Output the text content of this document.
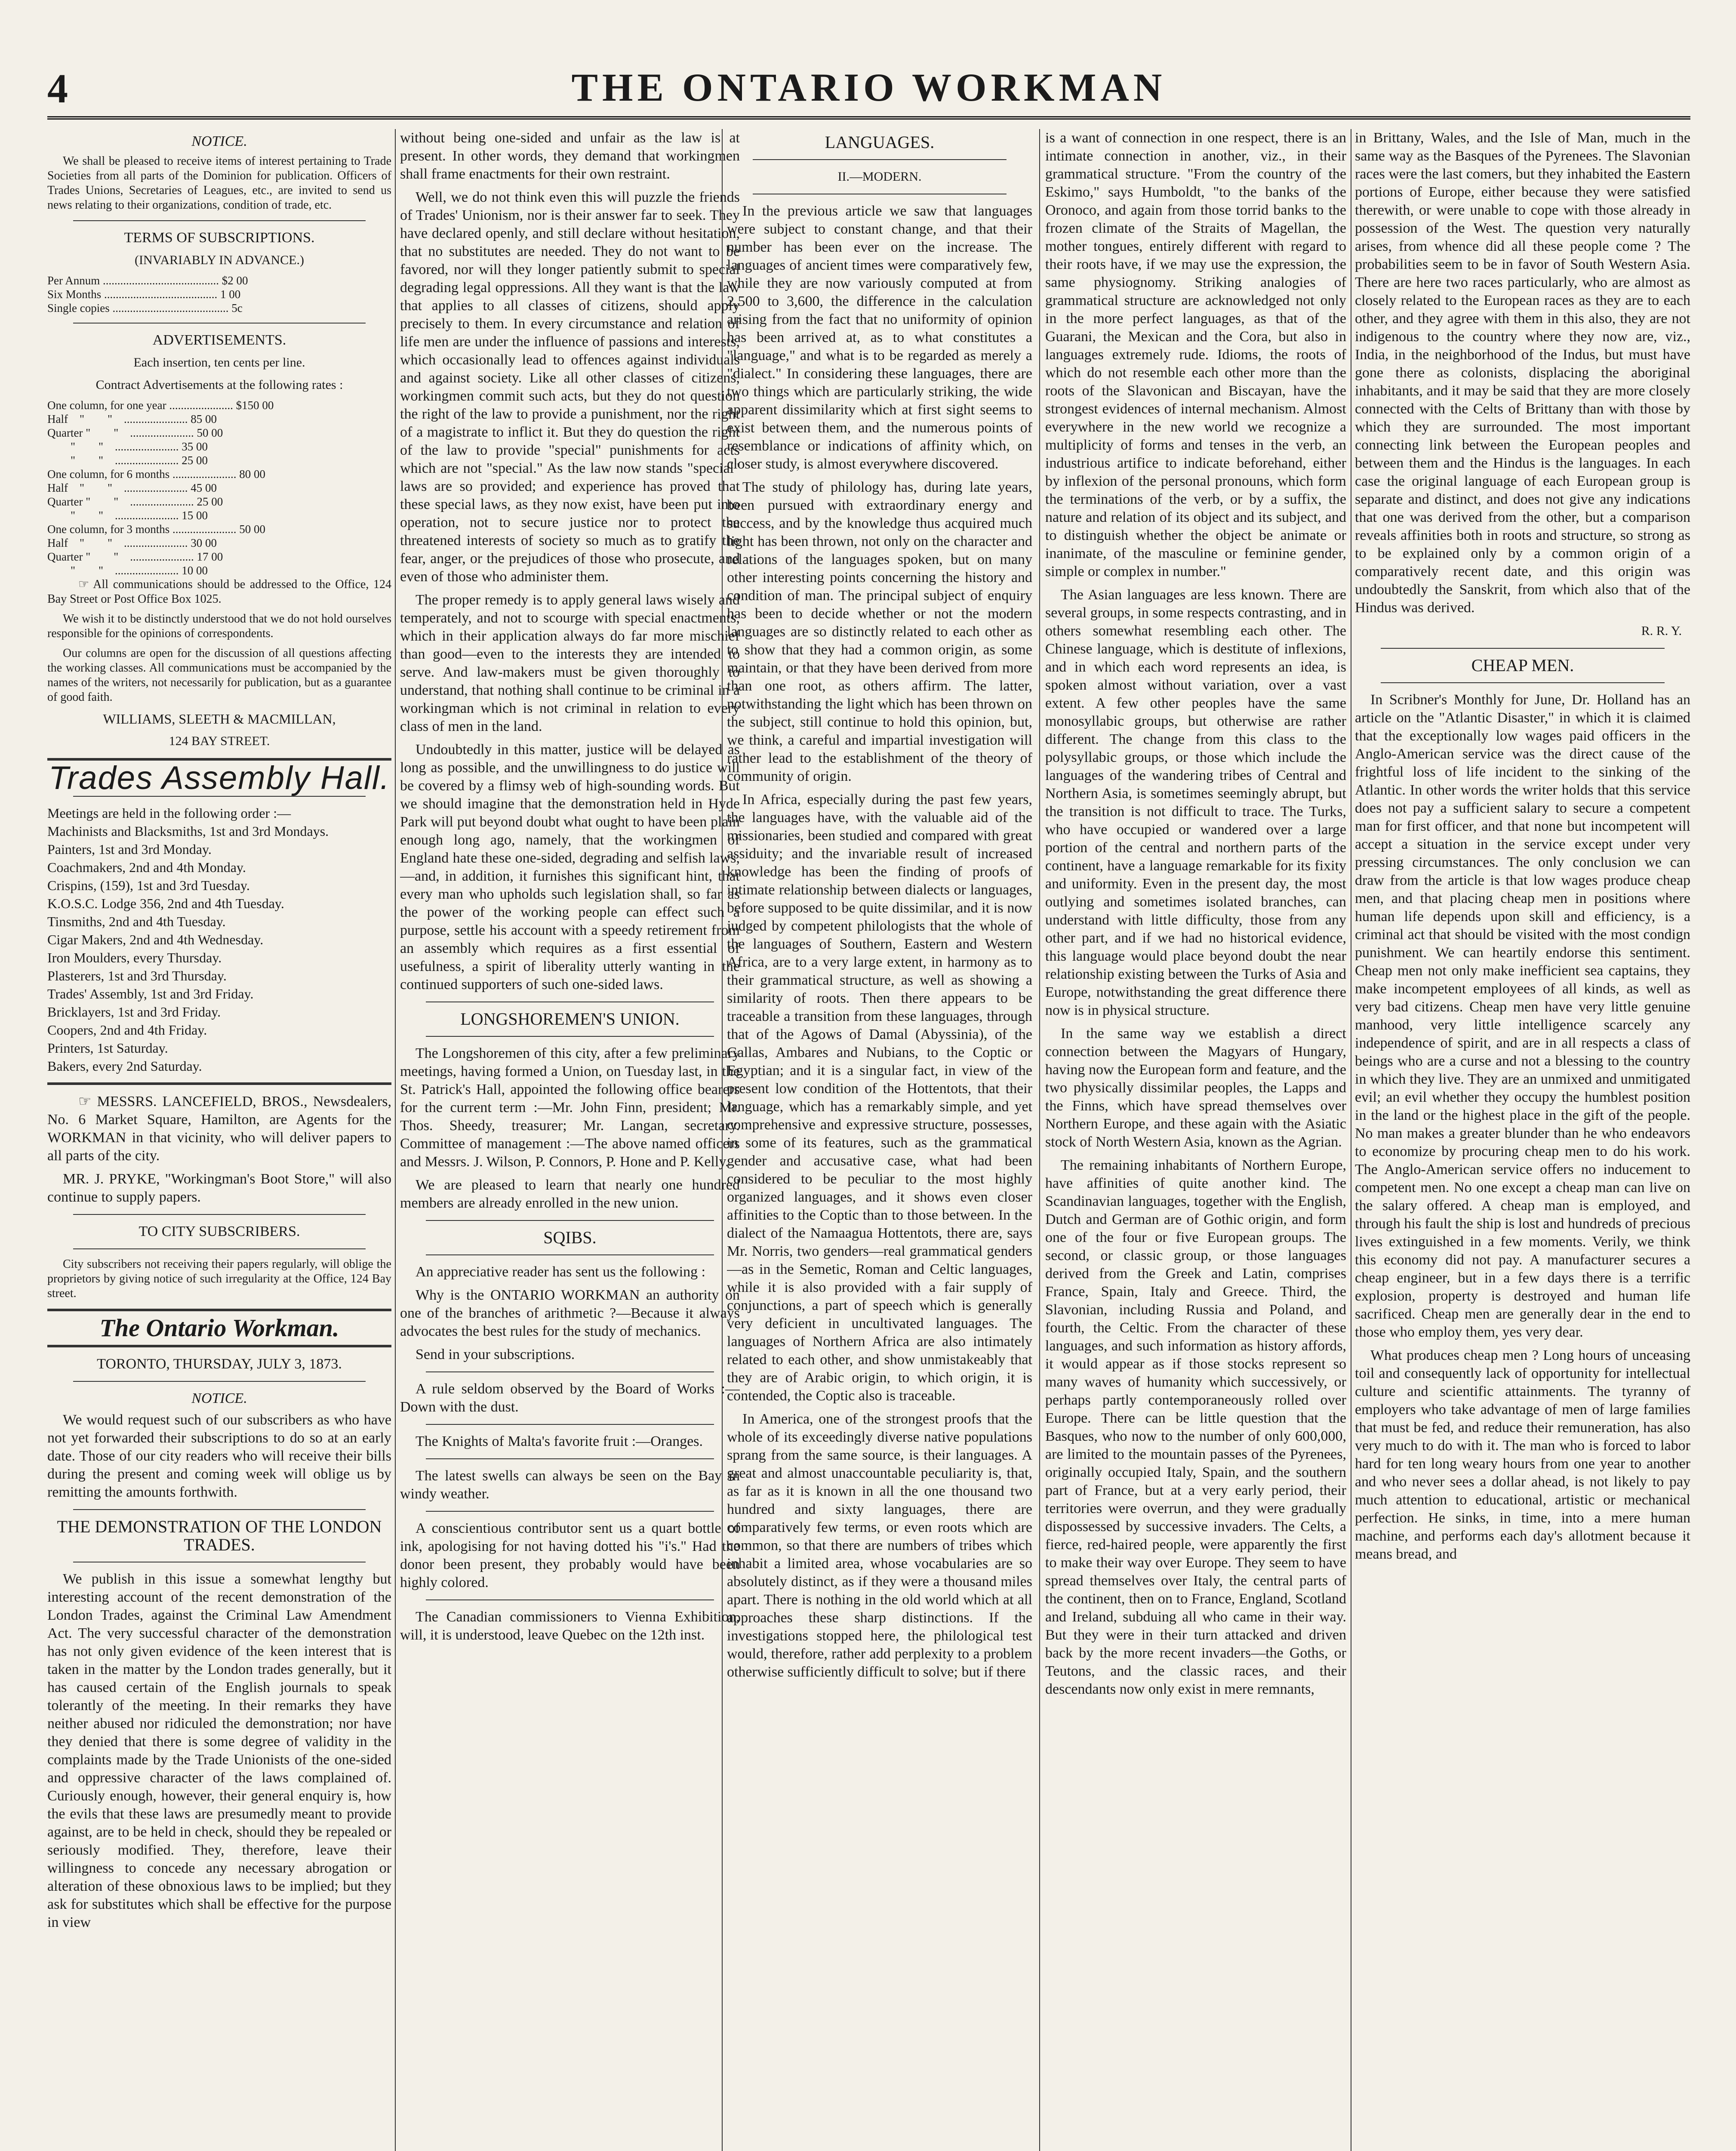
4	THE ONTARIO WORKMAN
NOTICE.

We shall be pleased to receive items of interest pertaining to Trade Societies from all parts of the Dominion for publication. Officers of Trades Unions, Secretaries of Leagues, etc., are invited to send us news relating to their organizations, condition of trade, etc.

TERMS OF SUBSCRIPTIONS.
(INVARIABLY IN ADVANCE.)
Per Annum ........................................ $2 00
Six Months ....................................... 1 00
Single copies ........................................ 5c
ADVERTISEMENTS.
Each insertion, ten cents per line.
Contract Advertisements at the following rates :
One column, for one year ...................... $150 00
Half    "        "    ...................... 85 00
Quarter "        "    ...................... 50 00
"        "    ...................... 35 00
"        "    ...................... 25 00
One column, for 6 months ...................... 80 00
Half    "        "    ...................... 45 00
Quarter "        "    ...................... 25 00
"        "    ...................... 15 00
One column, for 3 months ...................... 50 00
Half    "        "    ...................... 30 00
Quarter "        "    ...................... 17 00
"        "    ...................... 10 00

☞ All communications should be addressed to the Office, 124 Bay Street or Post Office Box 1025.

We wish it to be distinctly understood that we do not hold ourselves responsible for the opinions of correspondents.

Our columns are open for the discussion of all questions affecting the working classes. All communications must be accompanied by the names of the writers, not necessarily for publication, but as a guarantee of good faith.

WILLIAMS, SLEETH & MACMILLAN,
124 BAY STREET.
Trades Assembly Hall.

Meetings are held in the following order :—

Machinists and Blacksmiths, 1st and 3rd Mondays.

Painters, 1st and 3rd Monday.

Coachmakers, 2nd and 4th Monday.

Crispins, (159), 1st and 3rd Tuesday.

K.O.S.C. Lodge 356, 2nd and 4th Tuesday.

Tinsmiths, 2nd and 4th Tuesday.

Cigar Makers, 2nd and 4th Wednesday.

Iron Moulders, every Thursday.

Plasterers, 1st and 3rd Thursday.

Trades' Assembly, 1st and 3rd Friday.

Bricklayers, 1st and 3rd Friday.

Coopers, 2nd and 4th Friday.

Printers, 1st Saturday.

Bakers, every 2nd Saturday.

☞ MESSRS. LANCEFIELD, BROS., Newsdealers, No. 6 Market Square, Hamilton, are Agents for the WORKMAN in that vicinity, who will deliver papers to all parts of the city.

MR. J. PRYKE, "Workingman's Boot Store," will also continue to supply papers.

TO CITY SUBSCRIBERS.

City subscribers not receiving their papers regularly, will oblige the proprietors by giving notice of such irregularity at the Office, 124 Bay street.

The Ontario Workman.
TORONTO, THURSDAY, JULY 3, 1873.
NOTICE.

We would request such of our subscribers as who have not yet forwarded their subscriptions to do so at an early date. Those of our city readers who will receive their bills during the present and coming week will oblige us by remitting the amounts forthwith.

THE DEMONSTRATION OF THE LONDON TRADES.

We publish in this issue a somewhat lengthy but interesting account of the recent demonstration of the London Trades, against the Criminal Law Amendment Act. The very successful character of the demonstration has not only given evidence of the keen interest that is taken in the matter by the London trades generally, but it has caused certain of the English journals to speak tolerantly of the meeting. In their remarks they have neither abused nor ridiculed the demonstration; nor have they denied that there is some degree of validity in the complaints made by the Trade Unionists of the one-sided and oppressive character of the laws complained of. Curiously enough, however, their general enquiry is, how the evils that these laws are presumedly meant to provide against, are to be held in check, should they be repealed or seriously modified. They, therefore, leave their willingness to concede any necessary abrogation or alteration of these obnoxious laws to be implied; but they ask for substitutes which shall be effective for the purpose in view

without being one-sided and unfair as the law is at present. In other words, they demand that workingmen shall frame enactments for their own restraint.

Well, we do not think even this will puzzle the friends of Trades' Unionism, nor is their answer far to seek. They have declared openly, and still declare without hesitation, that no substitutes are needed. They do not want to be favored, nor will they longer patiently submit to special degrading legal oppressions. All they want is that the law that applies to all classes of citizens, should apply precisely to them. In every circumstance and relation of life men are under the influence of passions and interests, which occasionally lead to offences against individuals and against society. Like all other classes of citizens, workingmen commit such acts, but they do not question the right of the law to provide a punishment, nor the right of a magistrate to inflict it. But they do question the right of the law to provide "special" punishments for acts which are not "special." As the law now stands "special" laws are so provided; and experience has proved that these special laws, as they now exist, have been put into operation, not to secure justice nor to protect the threatened interests of society so much as to gratify the fear, anger, or the prejudices of those who prosecute, and even of those who administer them.

The proper remedy is to apply general laws wisely and temperately, and not to scourge with special enactments, which in their application always do far more mischief than good—even to the interests they are intended to serve. And law-makers must be given thoroughly to understand, that nothing shall continue to be criminal in a workingman which is not criminal in relation to every class of men in the land.

Undoubtedly in this matter, justice will be delayed as long as possible, and the unwillingness to do justice will be covered by a flimsy web of high-sounding words. But we should imagine that the demonstration held in Hyde Park will put beyond doubt what ought to have been plain enough long ago, namely, that the workingmen of England hate these one-sided, degrading and selfish laws,—and, in addition, it furnishes this significant hint, that every man who upholds such legislation shall, so far as the power of the working people can effect such a purpose, settle his account with a speedy retirement from an assembly which requires as a first essential of usefulness, a spirit of liberality utterly wanting in the continued supporters of such one-sided laws.

LONGSHOREMEN'S UNION.

The Longshoremen of this city, after a few preliminary meetings, having formed a Union, on Tuesday last, in the St. Patrick's Hall, appointed the following office bearers for the current term :—Mr. John Finn, president; Mr. Thos. Sheedy, treasurer; Mr. Langan, secretary. Committee of management :—The above named officers and Messrs. J. Wilson, P. Connors, P. Hone and P. Kelly.

We are pleased to learn that nearly one hundred members are already enrolled in the new union.

SQIBS.

An appreciative reader has sent us the following :

Why is the ONTARIO WORKMAN an authority on one of the branches of arithmetic ?—Because it always advocates the best rules for the study of mechanics.

Send in your subscriptions.

A rule seldom observed by the Board of Works :—Down with the dust.

The Knights of Malta's favorite fruit :—Oranges.

The latest swells can always be seen on the Bay in windy weather.

A conscientious contributor sent us a quart bottle of ink, apologising for not having dotted his "i's." Had the donor been present, they probably would have been highly colored.

The Canadian commissioners to Vienna Exhibition, will, it is understood, leave Quebec on the 12th inst.

LANGUAGES.
II.—MODERN.

In the previous article we saw that languages were subject to constant change, and that their number has been ever on the increase. The languages of ancient times were comparatively few, while they are now variously computed at from 2,500 to 3,600, the difference in the calculation arising from the fact that no uniformity of opinion has been arrived at, as to what constitutes a "language," and what is to be regarded as merely a "dialect." In considering these languages, there are two things which are particularly striking, the wide apparent dissimilarity which at first sight seems to exist between them, and the numerous points of resemblance or indications of affinity which, on closer study, is almost everywhere discovered.

The study of philology has, during late years, been pursued with extraordinary energy and success, and by the knowledge thus acquired much light has been thrown, not only on the character and relations of the languages spoken, but on many other interesting points concerning the history and condition of man. The principal subject of enquiry has been to decide whether or not the modern languages are so distinctly related to each other as to show that they had a common origin, as some maintain, or that they have been derived from more than one root, as others affirm. The latter, notwithstanding the light which has been thrown on the subject, still continue to hold this opinion, but, we think, a careful and impartial investigation will rather lead to the establishment of the theory of community of origin.

In Africa, especially during the past few years, the languages have, with the valuable aid of the missionaries, been studied and compared with great assiduity; and the invariable result of increased knowledge has been the finding of proofs of intimate relationship between dialects or languages, before supposed to be quite dissimilar, and it is now judged by competent philologists that the whole of the languages of Southern, Eastern and Western Africa, are to a very large extent, in harmony as to their grammatical structure, as well as showing a similarity of roots. Then there appears to be traceable a transition from these languages, through that of the Agows of Damal (Abyssinia), of the Gallas, Ambares and Nubians, to the Coptic or Egyptian; and it is a singular fact, in view of the present low condition of the Hottentots, that their language, which has a remarkably simple, and yet comprehensive and expressive structure, possesses, in some of its features, such as the grammatical gender and accusative case, what had been considered to be peculiar to the most highly organized languages, and it shows even closer affinities to the Coptic than to those between. In the dialect of the Namaagua Hottentots, there are, says Mr. Norris, two genders—real grammatical genders—as in the Semetic, Roman and Celtic languages, while it is also provided with a fair supply of conjunctions, a part of speech which is generally very deficient in uncultivated languages. The languages of Northern Africa are also intimately related to each other, and show unmistakeably that they are of Arabic origin, to which origin, it is contended, the Coptic also is traceable.

In America, one of the strongest proofs that the whole of its exceedingly diverse native populations sprang from the same source, is their languages. A great and almost unaccountable peculiarity is, that, as far as it is known in all the one thousand two hundred and sixty languages, there are comparatively few terms, or even roots which are common, so that there are numbers of tribes which inhabit a limited area, whose vocabularies are so absolutely distinct, as if they were a thousand miles apart. There is nothing in the old world which at all approaches these sharp distinctions. If the investigations stopped here, the philological test would, therefore, rather add perplexity to a problem otherwise sufficiently difficult to solve; but if there

is a want of connection in one respect, there is an intimate connection in another, viz., in their grammatical structure. "From the country of the Eskimo," says Humboldt, "to the banks of the Oronoco, and again from those torrid banks to the frozen climate of the Straits of Magellan, the mother tongues, entirely different with regard to their roots have, if we may use the expression, the same physiognomy. Striking analogies of grammatical structure are acknowledged not only in the more perfect languages, as that of the Guarani, the Mexican and the Cora, but also in languages extremely rude. Idioms, the roots of which do not resemble each other more than the roots of the Slavonican and Biscayan, have the strongest evidences of internal mechanism. Almost everywhere in the new world we recognize a multiplicity of forms and tenses in the verb, an industrious artifice to indicate beforehand, either by inflexion of the personal pronouns, which form the terminations of the verb, or by a suffix, the nature and relation of its object and its subject, and to distinguish whether the object be animate or inanimate, of the masculine or feminine gender, simple or complex in number."

The Asian languages are less known. There are several groups, in some respects contrasting, and in others somewhat resembling each other. The Chinese language, which is destitute of inflexions, and in which each word represents an idea, is spoken almost without variation, over a vast extent. A few other peoples have the same monosyllabic groups, but otherwise are rather different. The change from this class to the polysyllabic groups, or those which include the languages of the wandering tribes of Central and Northern Asia, is sometimes seemingly abrupt, but the transition is not difficult to trace. The Turks, who have occupied or wandered over a large portion of the central and northern parts of the continent, have a language remarkable for its fixity and uniformity. Even in the present day, the most outlying and sometimes isolated branches, can understand with little difficulty, those from any other part, and if we had no historical evidence, this language would place beyond doubt the near relationship existing between the Turks of Asia and Europe, notwithstanding the great difference there now is in physical structure.

In the same way we establish a direct connection between the Magyars of Hungary, having now the European form and feature, and the two physically dissimilar peoples, the Lapps and the Finns, which have spread themselves over Northern Europe, and these again with the Asiatic stock of North Western Asia, known as the Agrian.

The remaining inhabitants of Northern Europe, have affinities of quite another kind. The Scandinavian languages, together with the English, Dutch and German are of Gothic origin, and form one of the four or five European groups. The second, or classic group, or those languages derived from the Greek and Latin, comprises France, Spain, Italy and Greece. Third, the Slavonian, including Russia and Poland, and fourth, the Celtic. From the character of these languages, and such information as history affords, it would appear as if those stocks represent so many waves of humanity which successively, or perhaps partly contemporaneously rolled over Europe. There can be little question that the Basques, who now to the number of only 600,000, are limited to the mountain passes of the Pyrenees, originally occupied Italy, Spain, and the southern part of France, but at a very early period, their territories were overrun, and they were gradually dispossessed by successive invaders. The Celts, a fierce, red-haired people, were apparently the first to make their way over Europe. They seem to have spread themselves over Italy, the central parts of the continent, then on to France, England, Scotland and Ireland, subduing all who came in their way. But they were in their turn attacked and driven back by the more recent invaders—the Goths, or Teutons, and the classic races, and their descendants now only exist in mere remnants,

in Brittany, Wales, and the Isle of Man, much in the same way as the Basques of the Pyrenees. The Slavonian races were the last comers, but they inhabited the Eastern portions of Europe, either because they were satisfied therewith, or were unable to cope with those already in possession of the West. The question very naturally arises, from whence did all these people come ? The probabilities seem to be in favor of South Western Asia. There are here two races particularly, who are almost as closely related to the European races as they are to each other, and they agree with them in this also, they are not indigenous to the country where they now are, viz., India, in the neighborhood of the Indus, but must have gone there as colonists, displacing the aboriginal inhabitants, and it may be said that they are more closely connected with the Celts of Brittany than with those by which they are surrounded. The most important connecting link between the European peoples and between them and the Hindus is the languages. In each case the original language of each European group is separate and distinct, and does not give any indications that one was derived from the other, but a comparison reveals affinities both in roots and structure, so strong as to be explained only by a common origin of a comparatively recent date, and this origin was undoubtedly the Sanskrit, from which also that of the Hindus was derived.

R. R. Y.
CHEAP MEN.

In Scribner's Monthly for June, Dr. Holland has an article on the "Atlantic Disaster," in which it is claimed that the exceptionally low wages paid officers in the Anglo-American service was the direct cause of the frightful loss of life incident to the sinking of the Atlantic. In other words the writer holds that this service does not pay a sufficient salary to secure a competent man for first officer, and that none but incompetent will accept a situation in the service except under very pressing circumstances. The only conclusion we can draw from the article is that low wages produce cheap men, and that placing cheap men in positions where human life depends upon skill and efficiency, is a criminal act that should be visited with the most condign punishment. We can heartily endorse this sentiment. Cheap men not only make inefficient sea captains, they make incompetent employees of all kinds, as well as very bad citizens. Cheap men have very little genuine manhood, very little intelligence scarcely any independence of spirit, and are in all respects a class of beings who are a curse and not a blessing to the country in which they live. They are an unmixed and unmitigated evil; an evil whether they occupy the humblest position in the land or the highest place in the gift of the people. No man makes a greater blunder than he who endeavors to economize by procuring cheap men to do his work. The Anglo-American service offers no inducement to competent men. No one except a cheap man can live on the salary offered. A cheap man is employed, and through his fault the ship is lost and hundreds of precious lives extinguished in a few moments. Verily, we think this economy did not pay. A manufacturer secures a cheap engineer, but in a few days there is a terrific explosion, property is destroyed and human life sacrificed. Cheap men are generally dear in the end to those who employ them, yes very dear.

What produces cheap men ? Long hours of unceasing toil and consequently lack of opportunity for intellectual culture and scientific attainments. The tyranny of employers who take advantage of men of large families that must be fed, and reduce their remuneration, has also very much to do with it. The man who is forced to labor hard for ten long weary hours from one year to another and who never sees a dollar ahead, is not likely to pay much attention to educational, artistic or mechanical perfection. He sinks, in time, into a mere human machine, and performs each day's allotment because it means bread, and
